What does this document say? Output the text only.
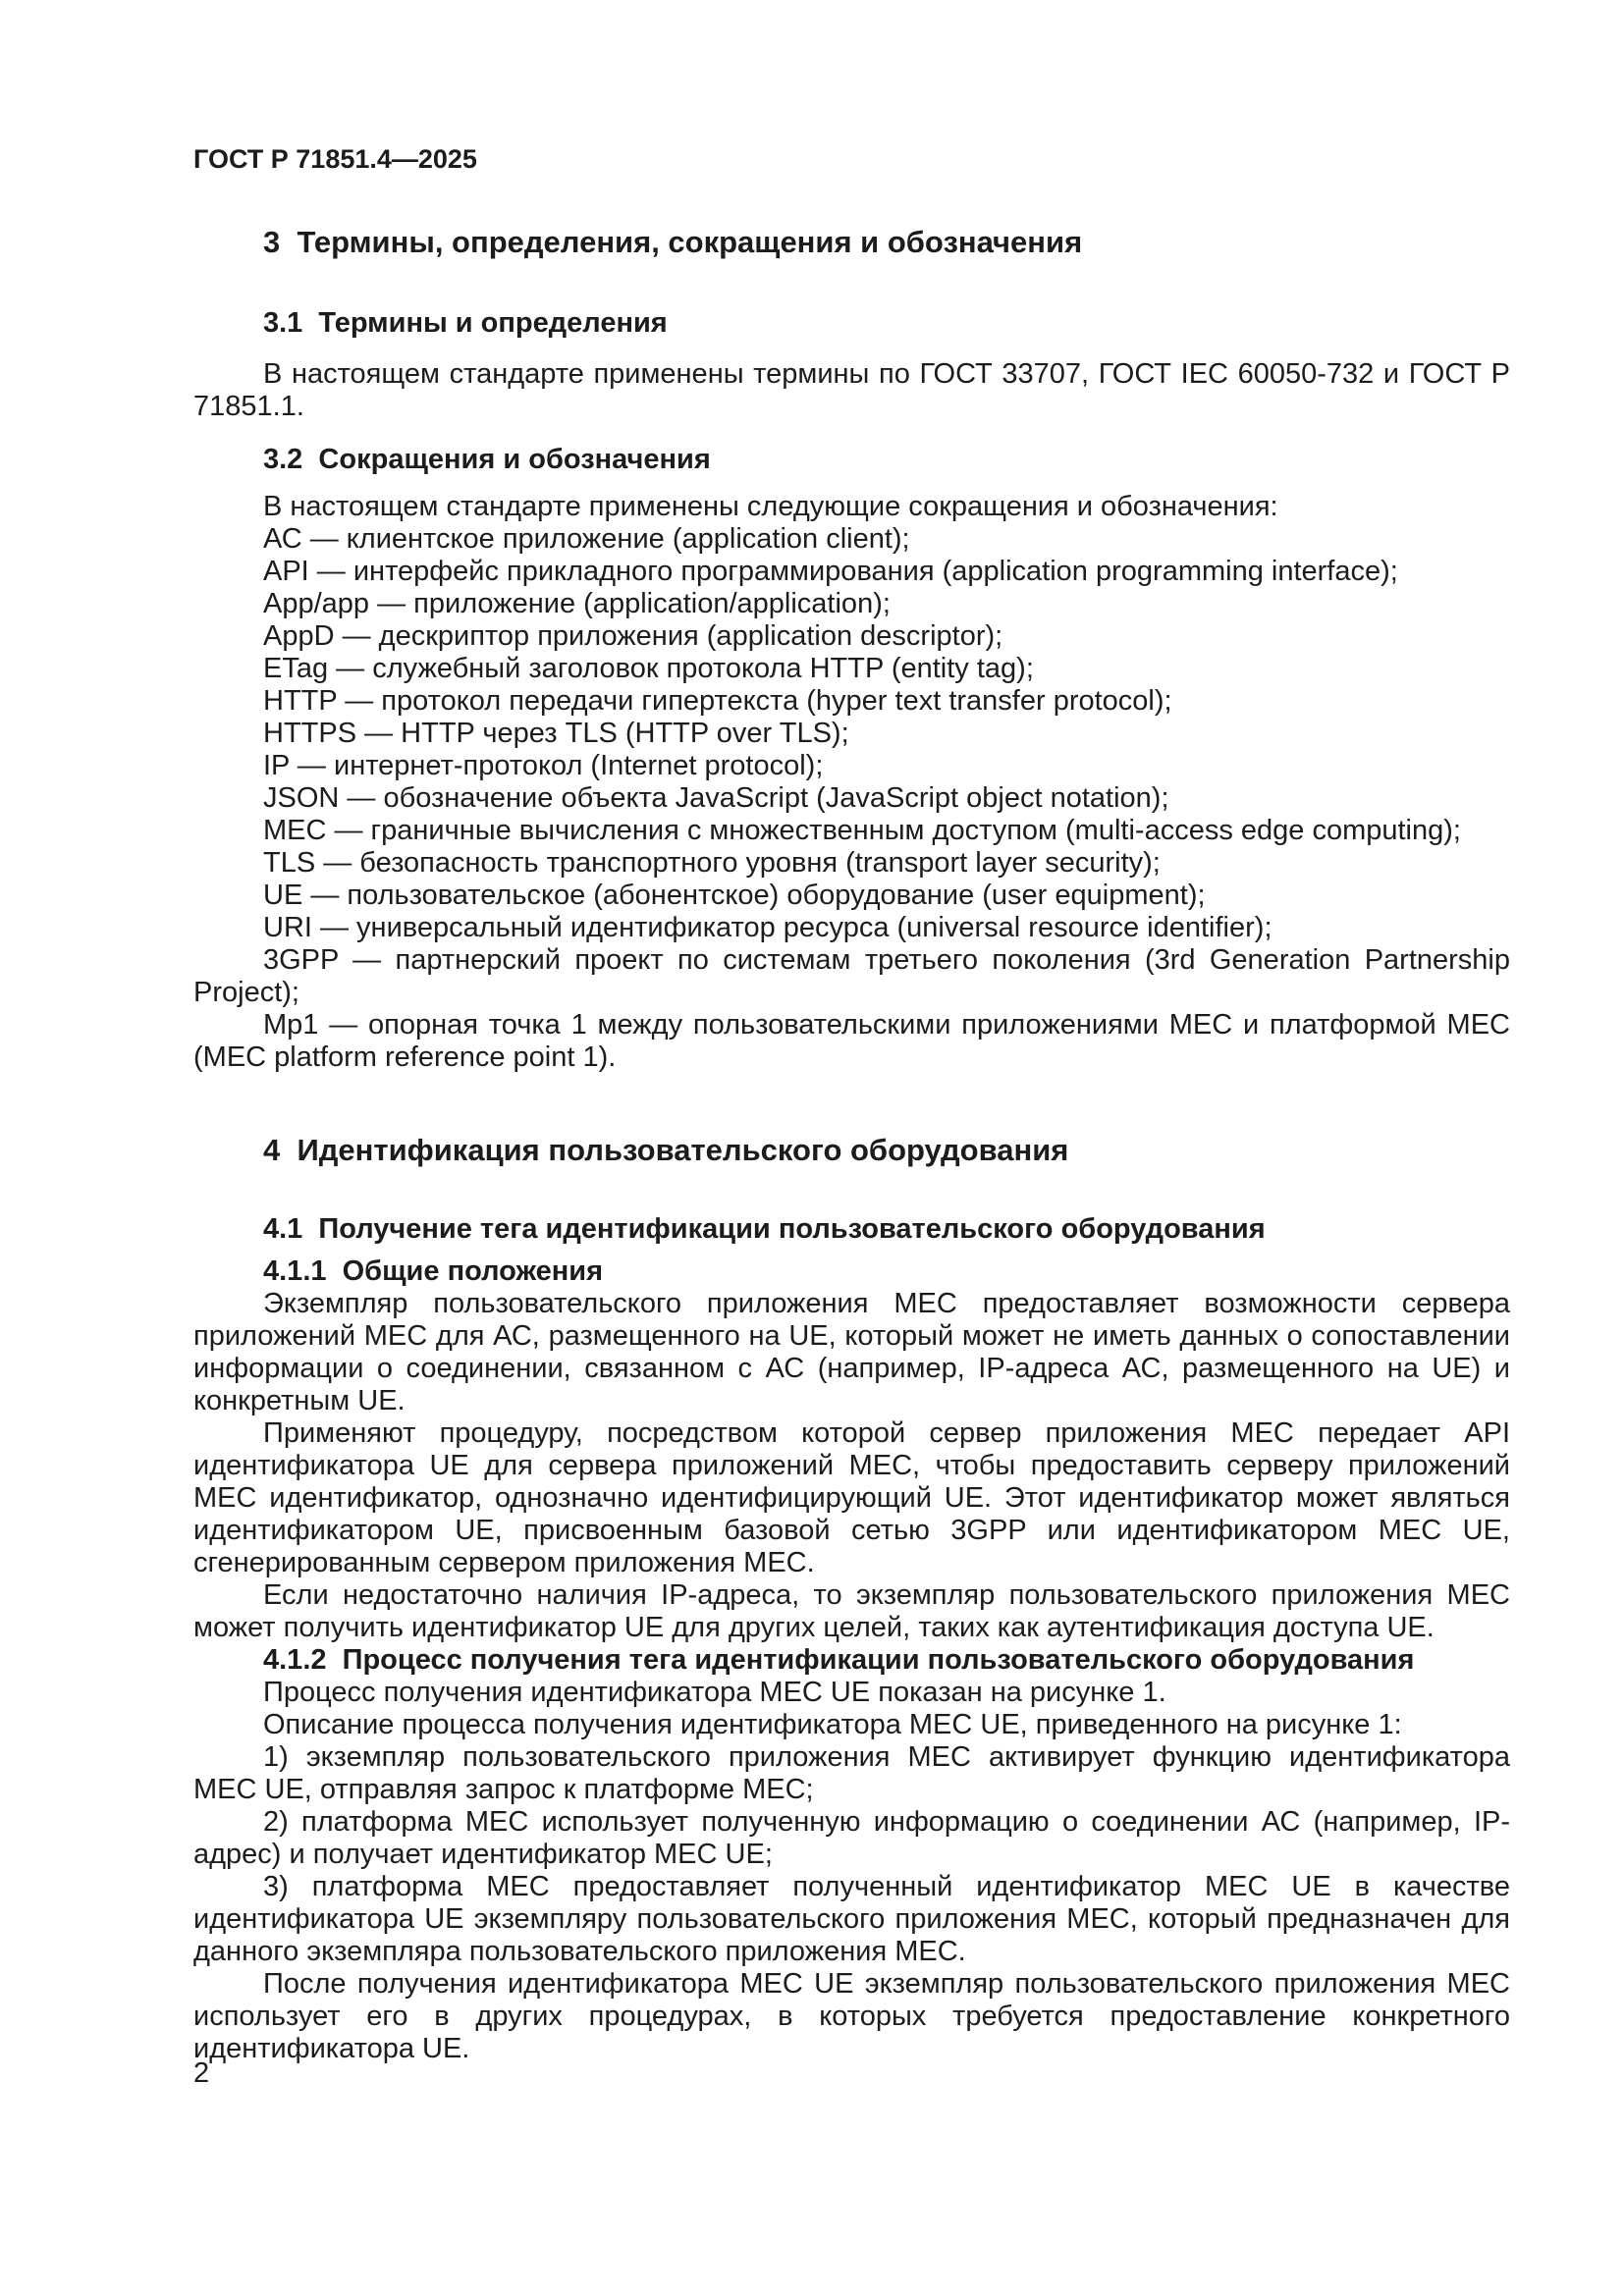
ГОСТ Р 71851.4—2025
3  Термины, определения, сокращения и обозначения
3.1  Термины и определения

В настоящем стандарте применены термины по ГОСТ 33707, ГОСТ IEC 60050-732 и ГОСТ Р 71851.1.

3.2  Сокращения и обозначения

В настоящем стандарте применены следующие сокращения и обозначения:

АС — клиентское приложение (application client);

API — интерфейс прикладного программирования (application programming interface);

App/app — приложение (application/application);

AppD — дескриптор приложения (application descriptor);

ETag — служебный заголовок протокола HTTP (entity tag);

HTTP — протокол передачи гипертекста (hyper text transfer protocol);

HTTPS — HTTP через TLS (HTTP over TLS);

IP — интернет-протокол (Internet protocol);

JSON — обозначение объекта JavaScript (JavaScript object notation);

MEC — граничные вычисления с множественным доступом (multi-access edge computing);

TLS — безопасность транспортного уровня (transport layer security);

UE — пользовательское (абонентское) оборудование (user equipment);

URI — универсальный идентификатор ресурса (universal resource identifier);

3GPP — партнерский проект по системам третьего поколения (3rd Generation Partnership Project);

Мр1 — опорная точка 1 между пользовательскими приложениями МЕС и платформой МЕС (МЕС platform reference point 1).

4  Идентификация пользовательского оборудования
4.1  Получение тега идентификации пользовательского оборудования
4.1.1  Общие положения

Экземпляр пользовательского приложения МЕС предоставляет возможности сервера приложений МЕС для АС, размещенного на UE, который может не иметь данных о сопоставлении информации о соединении, связанном с АС (например, IP-адреса АС, размещенного на UE) и конкретным UE.

Применяют процедуру, посредством которой сервер приложения МЕС передает API идентификатора UE для сервера приложений МЕС, чтобы предоставить серверу приложений МЕС идентификатор, однозначно идентифицирующий UE. Этот идентификатор может являться идентификатором UE, присвоенным базовой сетью 3GPP или идентификатором МЕС UE, сгенерированным сервером приложения МЕС.

Если недостаточно наличия IP-адреса, то экземпляр пользовательского приложения МЕС может получить идентификатор UE для других целей, таких как аутентификация доступа UE.

4.1.2  Процесс получения тега идентификации пользовательского оборудования

Процесс получения идентификатора МЕС UE показан на рисунке 1.

Описание процесса получения идентификатора МЕС UE, приведенного на рисунке 1:

1) экземпляр пользовательского приложения МЕС активирует функцию идентификатора МЕС UE, отправляя запрос к платформе МЕС;

2) платформа МЕС использует полученную информацию о соединении АС (например, IP-адрес) и получает идентификатор МЕС UE;

3) платформа МЕС предоставляет полученный идентификатор МЕС UE в качестве идентификатора UE экземпляру пользовательского приложения МЕС, который предназначен для данного экземпляра пользовательского приложения МЕС.

После получения идентификатора МЕС UE экземпляр пользовательского приложения МЕС использует его в других процедурах, в которых требуется предоставление конкретного идентификатора UE.

2
